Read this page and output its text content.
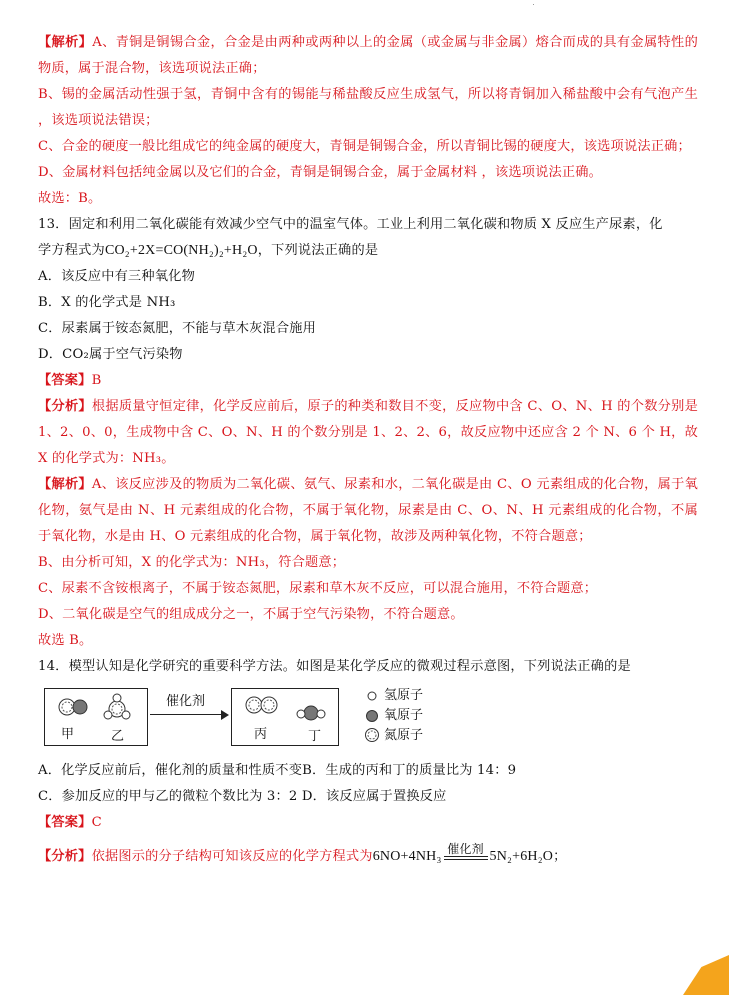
【解析】A、青铜是铜锡合金，合金是由两种或两种以上的金属（或金属与非金属）熔合而成的具有金属特性的物质，属于混合物，该选项说法正确；

B、锡的金属活动性强于氢，青铜中含有的锡能与稀盐酸反应生成氢气，所以将青铜加入稀盐酸中会有气泡产生 ，该选项说法错误；

C、合金的硬度一般比组成它的纯金属的硬度大，青铜是铜锡合金，所以青铜比锡的硬度大，该选项说法正确；

D、金属材料包括纯金属以及它们的合金，青铜是铜锡合金，属于金属材料 ，该选项说法正确。

故选：B。

13．固定和利用二氧化碳能有效减少空气中的温室气体。工业上利用二氧化碳和物质 X 反应生产尿素，化

学方程式为CO₂+2X=CO(NH₂)₂+H₂O，下列说法正确的是

A．该反应中有三种氧化物

B．X 的化学式是 NH₃

C．尿素属于铵态氮肥，不能与草木灰混合施用

D．CO₂属于空气污染物

【答案】B

【分析】根据质量守恒定律，化学反应前后，原子的种类和数目不变，反应物中含 C、O、N、H 的个数分别是 1、2、0、0，生成物中含 C、O、N、H 的个数分别是 1、2、2、6，故反应物中还应含 2 个 N、6 个 H，故 X 的化学式为：NH₃。

【解析】A、该反应涉及的物质为二氧化碳、氨气、尿素和水，二氧化碳是由 C、O 元素组成的化合物，属于氧化物，氨气是由 N、H 元素组成的化合物，不属于氧化物，尿素是由 C、O、N、H 元素组成的化合物，不属于氧化物，水是由 H、O 元素组成的化合物，属于氧化物，故涉及两种氧化物，不符合题意；

B、由分析可知，X 的化学式为：NH₃，符合题意；

C、尿素不含铵根离子，不属于铵态氮肥，尿素和草木灰不反应，可以混合施用，不符合题意；

D、二氧化碳是空气的组成成分之一，不属于空气污染物，不符合题意。

故选 B。

14．模型认知是化学研究的重要科学方法。如图是某化学反应的微观过程示意图，下列说法正确的是

甲	乙
催化剂
丙	丁
氢原子
氧原子
氮原子

A．化学反应前后，催化剂的质量和性质不变B．生成的丙和丁的质量比为 14：9

C．参加反应的甲与乙的微粒个数比为 3：2 D．该反应属于置换反应

【答案】C

【分析】依据图示的分子结构可知该反应的化学方程式为6NO+4NH₃
催化剂
5N₂+6H₂O；
